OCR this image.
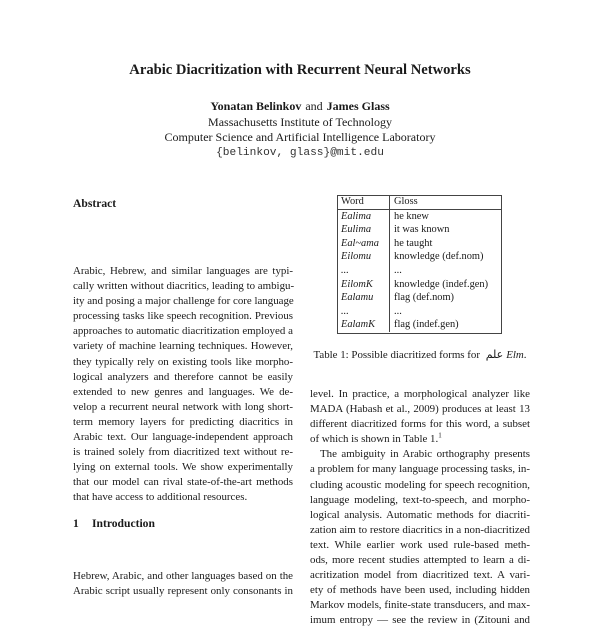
Arabic Diacritization with Recurrent Neural Networks
Yonatan Belinkov and James Glass
Massachusetts Institute of Technology
Computer Science and Artificial Intelligence Laboratory
{belinkov, glass}@mit.edu
Abstract
Arabic, Hebrew, and similar languages are typi-
cally written without diacritics, leading to ambigu-
ity and posing a major challenge for core language
processing tasks like speech recognition. Previous
approaches to automatic diacritization employed a
variety of machine learning techniques. However,
they typically rely on existing tools like morpho-
logical analyzers and therefore cannot be easily
extended to new genres and languages. We de-
velop a recurrent neural network with long short-
term memory layers for predicting diacritics in
Arabic text. Our language-independent approach
is trained solely from diacritized text without re-
lying on external tools. We show experimentally
that our model can rival state-of-the-art methods
that have access to additional resources.
1 Introduction
Hebrew, Arabic, and other languages based on the
Arabic script usually represent only consonants in
Word	Gloss
Ealima	he knew
Eulima	it was known
Eal~ama	he taught
Eilomu	knowledge (def.nom)
...	...
EilomK	knowledge (indef.gen)
Ealamu	flag (def.nom)
...	...
EalamK	flag (indef.gen)
Table 1: Possible diacritized forms for علم Elm.
level. In practice, a morphological analyzer like
MADA (Habash et al., 2009) produces at least 13
different diacritized forms for this word, a subset
of which is shown in Table 1.$^1$
The ambiguity in Arabic orthography presents
a problem for many language processing tasks, in-
cluding acoustic modeling for speech recognition,
language modeling, text-to-speech, and morpho-
logical analysis. Automatic methods for diacriti-
zation aim to restore diacritics in a non-diacritized
text. While earlier work used rule-based meth-
ods, more recent studies attempted to learn a di-
acritization model from diacritized text. A vari-
ety of methods have been used, including hidden
Markov models, finite-state transducers, and max-
imum entropy — see the review in (Zitouni and
